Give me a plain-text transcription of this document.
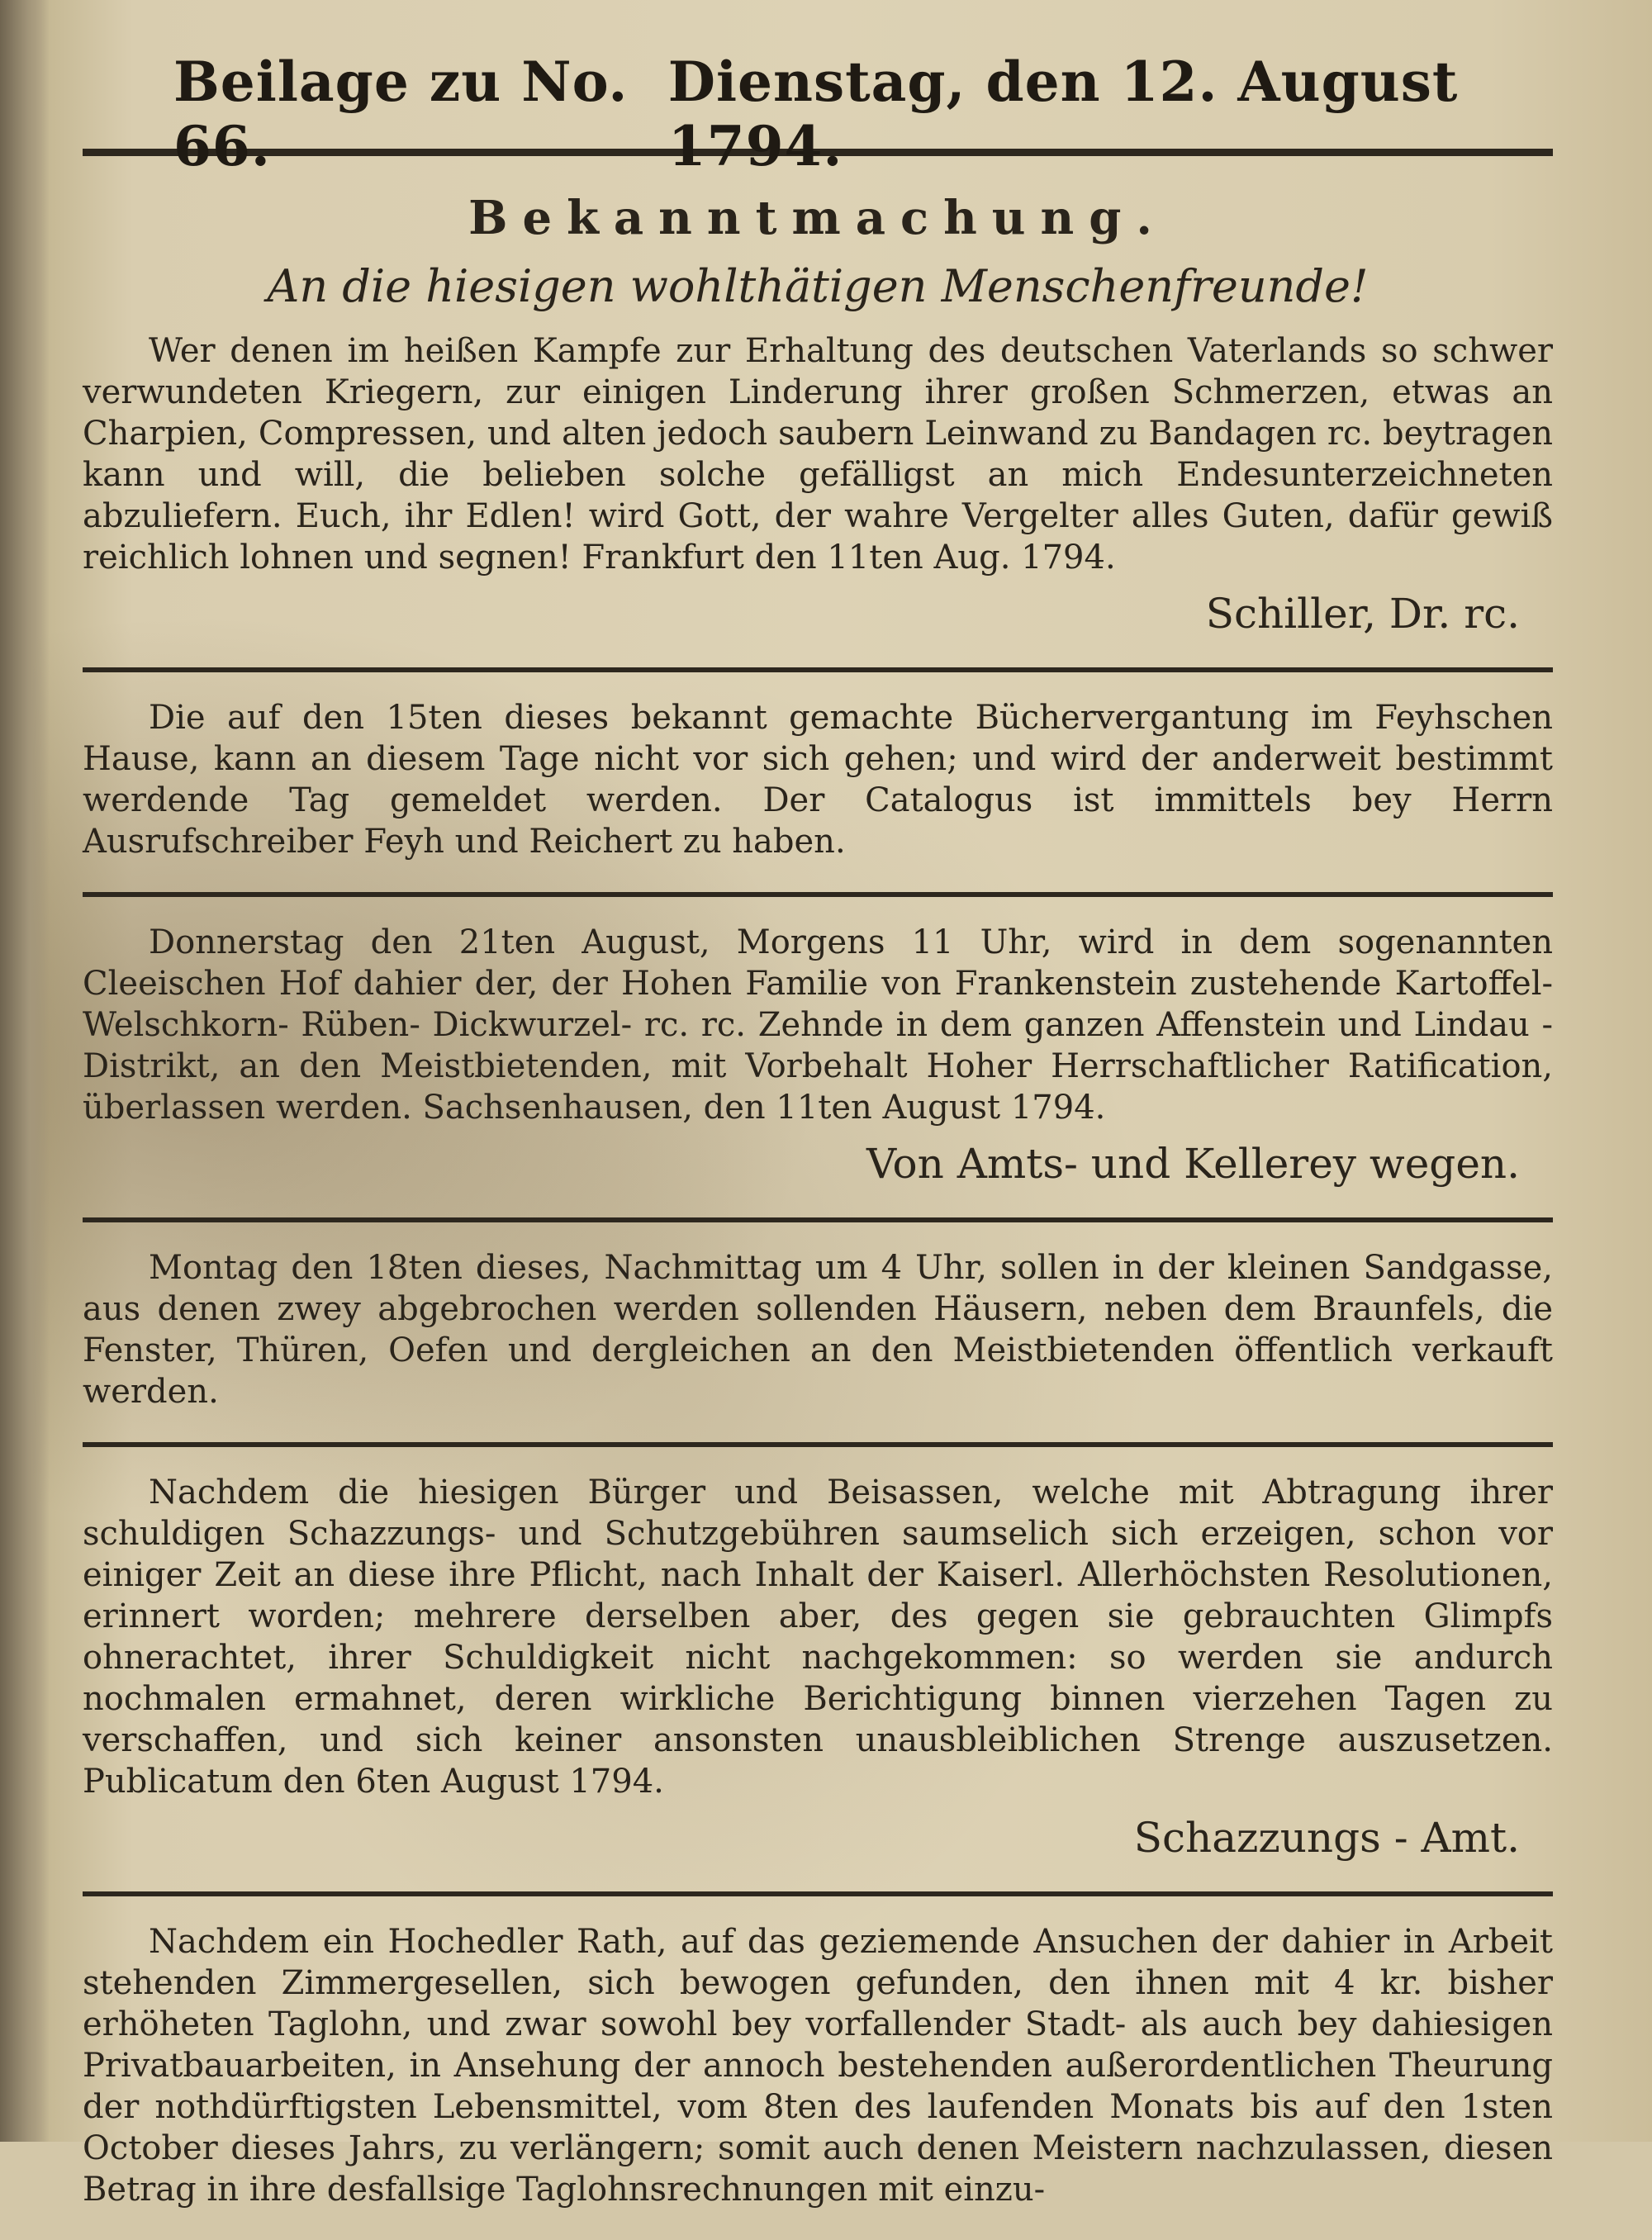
Beilage zu No. 66.
Dienstag, den 12. August 1794.
Bekanntmachung.
An die hiesigen wohlthätigen Menschenfreunde!

Wer denen im heißen Kampfe zur Erhaltung des deutschen Vaterlands so schwer verwundeten Kriegern, zur einigen Linderung ihrer großen Schmerzen, etwas an Charpien, Compressen, und alten jedoch saubern Leinwand zu Bandagen rc. beytragen kann und will, die belieben solche gefälligst an mich Endesunterzeichneten abzuliefern. Euch, ihr Edlen! wird Gott, der wahre Vergelter alles Guten, dafür gewiß reichlich lohnen und segnen! Frankfurt den 11ten Aug. 1794.

Schiller, Dr. rc.

Die auf den 15ten dieses bekannt gemachte Büchervergantung im Feyhschen Hause, kann an diesem Tage nicht vor sich gehen; und wird der anderweit bestimmt werdende Tag gemeldet werden. Der Catalogus ist immittels bey Herrn Ausrufschreiber Feyh und Reichert zu haben.

Donnerstag den 21ten August, Morgens 11 Uhr, wird in dem sogenannten Cleeischen Hof dahier der, der Hohen Familie von Frankenstein zustehende Kartoffel- Welschkorn- Rüben- Dickwurzel- rc. rc. Zehnde in dem ganzen Affenstein und Lindau - Distrikt, an den Meistbietenden, mit Vorbehalt Hoher Herrschaftlicher Ratification, überlassen werden. Sachsenhausen, den 11ten August 1794.

Von Amts- und Kellerey wegen.

Montag den 18ten dieses, Nachmittag um 4 Uhr, sollen in der kleinen Sandgasse, aus denen zwey abgebrochen werden sollenden Häusern, neben dem Braunfels, die Fenster, Thüren, Oefen und dergleichen an den Meistbietenden öffentlich verkauft werden.

Nachdem die hiesigen Bürger und Beisassen, welche mit Abtragung ihrer schuldigen Schazzungs- und Schutzgebühren saumselich sich erzeigen, schon vor einiger Zeit an diese ihre Pflicht, nach Inhalt der Kaiserl. Allerhöchsten Resolutionen, erinnert worden; mehrere derselben aber, des gegen sie gebrauchten Glimpfs ohnerachtet, ihrer Schuldigkeit nicht nachgekommen: so werden sie andurch nochmalen ermahnet, deren wirkliche Berichtigung binnen vierzehen Tagen zu verschaffen, und sich keiner ansonsten unausbleiblichen Strenge auszusetzen. Publicatum den 6ten August 1794.

Schazzungs - Amt.

Nachdem ein Hochedler Rath, auf das geziemende Ansuchen der dahier in Arbeit stehenden Zimmergesellen, sich bewogen gefunden, den ihnen mit 4 kr. bisher erhöheten Taglohn, und zwar sowohl bey vorfallender Stadt- als auch bey dahiesigen Privatbauarbeiten, in Ansehung der annoch bestehenden außerordentlichen Theurung der nothdürftigsten Lebensmittel, vom 8ten des laufenden Monats bis auf den 1sten October dieses Jahrs, zu verlängern; somit auch denen Meistern nachzulassen, diesen Betrag in ihre desfallsige Taglohnsrechnungen mit einzu-
